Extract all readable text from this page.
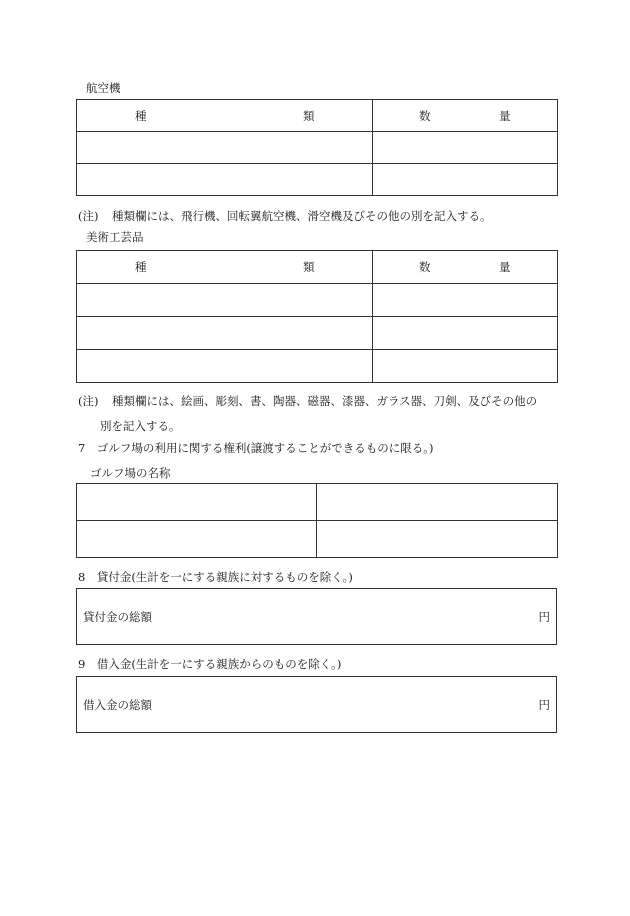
航空機
種 類	数 量

(注) 種類欄には、飛行機、回転翼航空機、滑空機及びその他の別を記入する。
美術工芸品
種 類	数 量

(注) 種類欄には、絵画、彫刻、書、陶器、磁器、漆器、ガラス器、刀剣、及びその他の
別を記入する。
7　ゴルフ場の利用に関する権利(譲渡することができるものに限る。)
ゴルフ場の名称

8　貸付金(生計を一にする親族に対するものを除く。)
貸付金の総額	円
9　借入金(生計を一にする親族からのものを除く。)
借入金の総額	円
